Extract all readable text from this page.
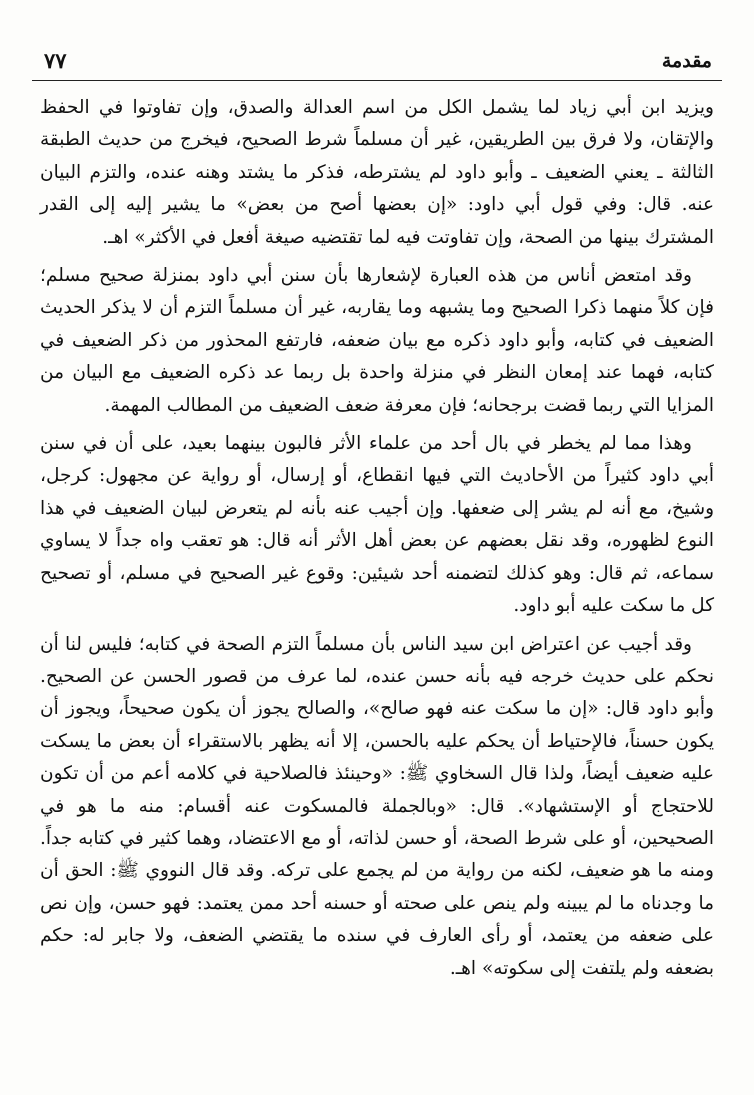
مقدمة
٧٧

ويزيد ابن أبي زياد لما يشمل الكل من اسم العدالة والصدق، وإن تفاوتوا في الحفظ والإتقان، ولا فرق بين الطريقين، غير أن مسلماً شرط الصحيح، فيخرج من حديث الطبقة الثالثة ـ يعني الضعيف ـ وأبو داود لم يشترطه، فذكر ما يشتد وهنه عنده، والتزم البيان عنه. قال: وفي قول أبي داود: «إن بعضها أصح من بعض» ما يشير إليه إلى القدر المشترك بينها من الصحة، وإن تفاوتت فيه لما تقتضيه صيغة أفعل في الأكثر» اهـ.

وقد امتعض أناس من هذه العبارة لإشعارها بأن سنن أبي داود بمنزلة صحيح مسلم؛ فإن كلاً منهما ذكرا الصحيح وما يشبهه وما يقاربه، غير أن مسلماً التزم أن لا يذكر الحديث الضعيف في كتابه، وأبو داود ذكره مع بيان ضعفه، فارتفع المحذور من ذكر الضعيف في كتابه، فهما عند إمعان النظر في منزلة واحدة بل ربما عد ذكره الضعيف مع البيان من المزايا التي ربما قضت برجحانه؛ فإن معرفة ضعف الضعيف من المطالب المهمة.

وهذا مما لم يخطر في بال أحد من علماء الأثر فالبون بينهما بعيد، على أن في سنن أبي داود كثيراً من الأحاديث التي فيها انقطاع، أو إرسال، أو رواية عن مجهول: كرجل، وشيخ، مع أنه لم يشر إلى ضعفها. وإن أجيب عنه بأنه لم يتعرض لبيان الضعيف في هذا النوع لظهوره، وقد نقل بعضهم عن بعض أهل الأثر أنه قال: هو تعقب واه جداً لا يساوي سماعه، ثم قال: وهو كذلك لتضمنه أحد شيئين: وقوع غير الصحيح في مسلم، أو تصحيح كل ما سكت عليه أبو داود.

وقد أجيب عن اعتراض ابن سيد الناس بأن مسلماً التزم الصحة في كتابه؛ فليس لنا أن نحكم على حديث خرجه فيه بأنه حسن عنده، لما عرف من قصور الحسن عن الصحيح. وأبو داود قال: «إن ما سكت عنه فهو صالح»، والصالح يجوز أن يكون صحيحاً، ويجوز أن يكون حسناً، فالإحتياط أن يحكم عليه بالحسن، إلا أنه يظهر بالاستقراء أن بعض ما يسكت عليه ضعيف أيضاً، ولذا قال السخاوي ﷺ: «وحينئذ فالصلاحية في كلامه أعم من أن تكون للاحتجاج أو الإستشهاد». قال: «وبالجملة فالمسكوت عنه أقسام: منه ما هو في الصحيحين، أو على شرط الصحة، أو حسن لذاته، أو مع الاعتضاد، وهما كثير في كتابه جداً. ومنه ما هو ضعيف، لكنه من رواية من لم يجمع على تركه. وقد قال النووي ﷺ: الحق أن ما وجدناه ما لم يبينه ولم ينص على صحته أو حسنه أحد ممن يعتمد: فهو حسن، وإن نص على ضعفه من يعتمد، أو رأى العارف في سنده ما يقتضي الضعف، ولا جابر له: حكم بضعفه ولم يلتفت إلى سكوته» اهـ.
